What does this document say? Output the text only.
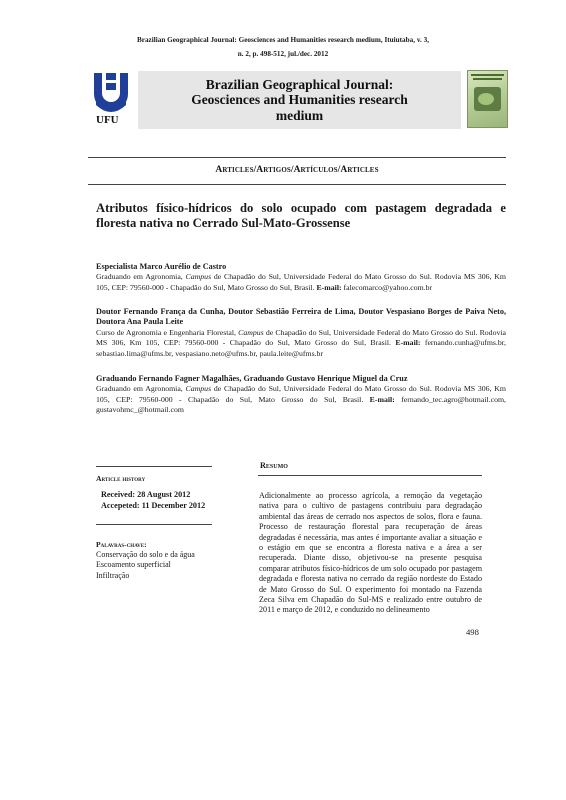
Brazilian Geographical Journal: Geosciences and Humanities research medium, Ituiutaba, v. 3,
n. 2, p. 498-512, jul./dec. 2012
UFU
Brazilian Geographical Journal:
Geosciences and Humanities research
medium
Articles/Artigos/Artículos/Articles
Atributos físico-hídricos do solo ocupado com pastagem degradada e floresta nativa no Cerrado Sul-Mato-Grossense
Especialista Marco Aurélio de Castro
Graduando em Agronomia, Campus de Chapadão do Sul, Universidade Federal do Mato Grosso do Sul. Rodovia MS 306, Km 105, CEP: 79560-000 - Chapadão do Sul, Mato Grosso do Sul, Brasil. E-mail: falecomarco@yahoo.com.br
Doutor Fernando França da Cunha, Doutor Sebastião Ferreira de Lima, Doutor Vespasiano Borges de Paiva Neto, Doutora Ana Paula Leite
Curso de Agronomia e Engenharia Florestal, Campus de Chapadão do Sul, Universidade Federal do Mato Grosso do Sul. Rodovia MS 306, Km 105, CEP: 79560-000 - Chapadão do Sul, Mato Grosso do Sul, Brasil. E-mail: fernando.cunha@ufms.br, sebastiao.lima@ufms.br, vespasiano.neto@ufms.br, paula.leite@ufms.br
Graduando Fernando Fagner Magalhães, Graduando Gustavo Henrique Miguel da Cruz
Graduando em Agronomia, Campus de Chapadão do Sul, Universidade Federal do Mato Grosso do Sul. Rodovia MS 306, Km 105, CEP: 79560-000 - Chapadão do Sul, Mato Grosso do Sul, Brasil. E-mail: fernando_tec.agro@hotmail.com, gustavohmc_@hotmail.com
Article history
Received: 28 August 2012
Accepeted: 11 December 2012
Palavras-chave:
Conservação do solo e da água
Escoamento superficial
Infiltração
Resumo
Adicionalmente ao processo agrícola, a remoção da vegetação nativa para o cultivo de pastagens contribuiu para degradação ambiental das áreas de cerrado nos aspectos de solos, flora e fauna. Processo de restauração florestal para recuperação de áreas degradadas é necessária, mas antes é importante avaliar a situação e o estágio em que se encontra a floresta nativa e a área a ser recuperada. Diante disso, objetivou-se na presente pesquisa comparar atributos físico-hídricos de um solo ocupado por pastagem degradada e floresta nativa no cerrado da região nordeste do Estado de Mato Grosso do Sul. O experimento foi montado na Fazenda Zeca Silva em Chapadão do Sul-MS e realizado entre outubro de 2011 e março de 2012, e conduzido no delineamento
498
